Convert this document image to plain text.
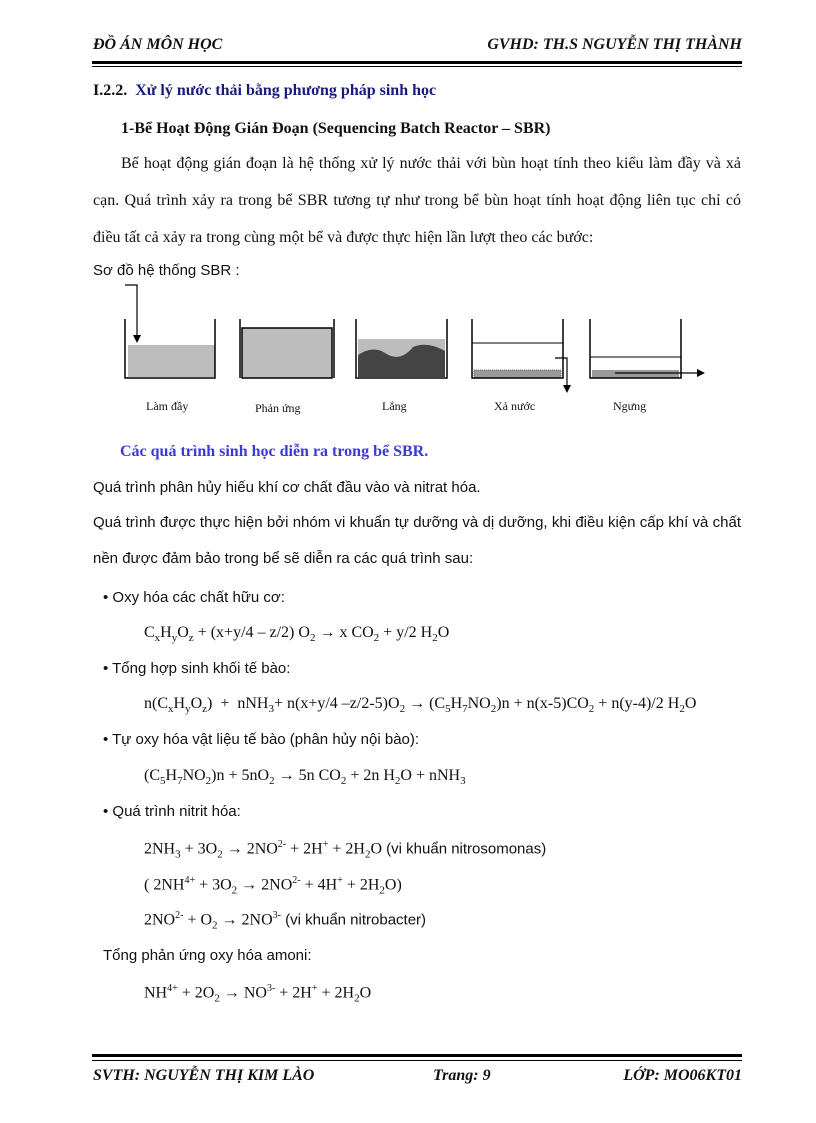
ĐỒ ÁN MÔN HỌC	GVHD: TH.S NGUYỄN THỊ THÀNH
I.2.2. Xử lý nước thải bằng phương pháp sinh học
1-Bể Hoạt Động Gián Đoạn (Sequencing Batch Reactor – SBR)
Bể hoạt động gián đoạn là hệ thống xử lý nước thải với bùn hoạt tính theo kiểu làm đầy và xả cạn. Quá trình xảy ra trong bể SBR tương tự như trong bể bùn hoạt tính hoạt động liên tục chỉ có điều tất cả xảy ra trong cùng một bể và được thực hiện lần lượt theo các bước:
Sơ đồ hệ thống SBR :
Làm đầy	Phản ứng	Lắng	Xả nước	Ngưng
Các quá trình sinh học diễn ra trong bể SBR.
Quá trình phân hủy hiếu khí cơ chất đầu vào và nitrat hóa.
Quá trình được thực hiện bởi nhóm vi khuẩn tự dưỡng và dị dưỡng, khi điều kiện cấp khí và chất nền được đảm bảo trong bể sẽ diễn ra các quá trình sau:
• Oxy hóa các chất hữu cơ:
$C_xH_yO_z + (x+y/4 - z/2) O_2 \to x$ $CO_2 + y/2$ $H_2O$
• Tổng hợp sinh khối tế bào:
$n(C_xH_yO_z) + nNH_3+ n(x+y/4$ $-z/2-5)O_2 \to (C_5H_7NO_2)n + n(x-5)CO_2 + n(y-4)/2$ $H_2O$
• Tự oxy hóa vật liệu tế bào (phân hủy nội bào):
$(C_5H_7NO_2)n + 5nO_2 \to 5n$ $CO_2 + 2n$ $H_2O + nNH_3$
• Quá trình nitrit hóa:
$2NH_3 + 3O_2 \to 2NO^{2-} + 2H^+ + 2H_2O$ (vi khuẩn nitrosomonas)
( $2NH^{4+} + 3O_2 \to 2NO^{2-} + 4H^+ + 2H_2O$)
$2NO^{2-} + O_2 \to 2NO^{3-}$ (vi khuẩn nitrobacter)
Tổng phản ứng oxy hóa amoni:
$NH^{4+} + 2O_2 \to NO^{3-} + 2H^+ + 2H_2O$
SVTH: NGUYỄN THỊ KIM LÀO	Trang: 9	LỚP: MO06KT01
